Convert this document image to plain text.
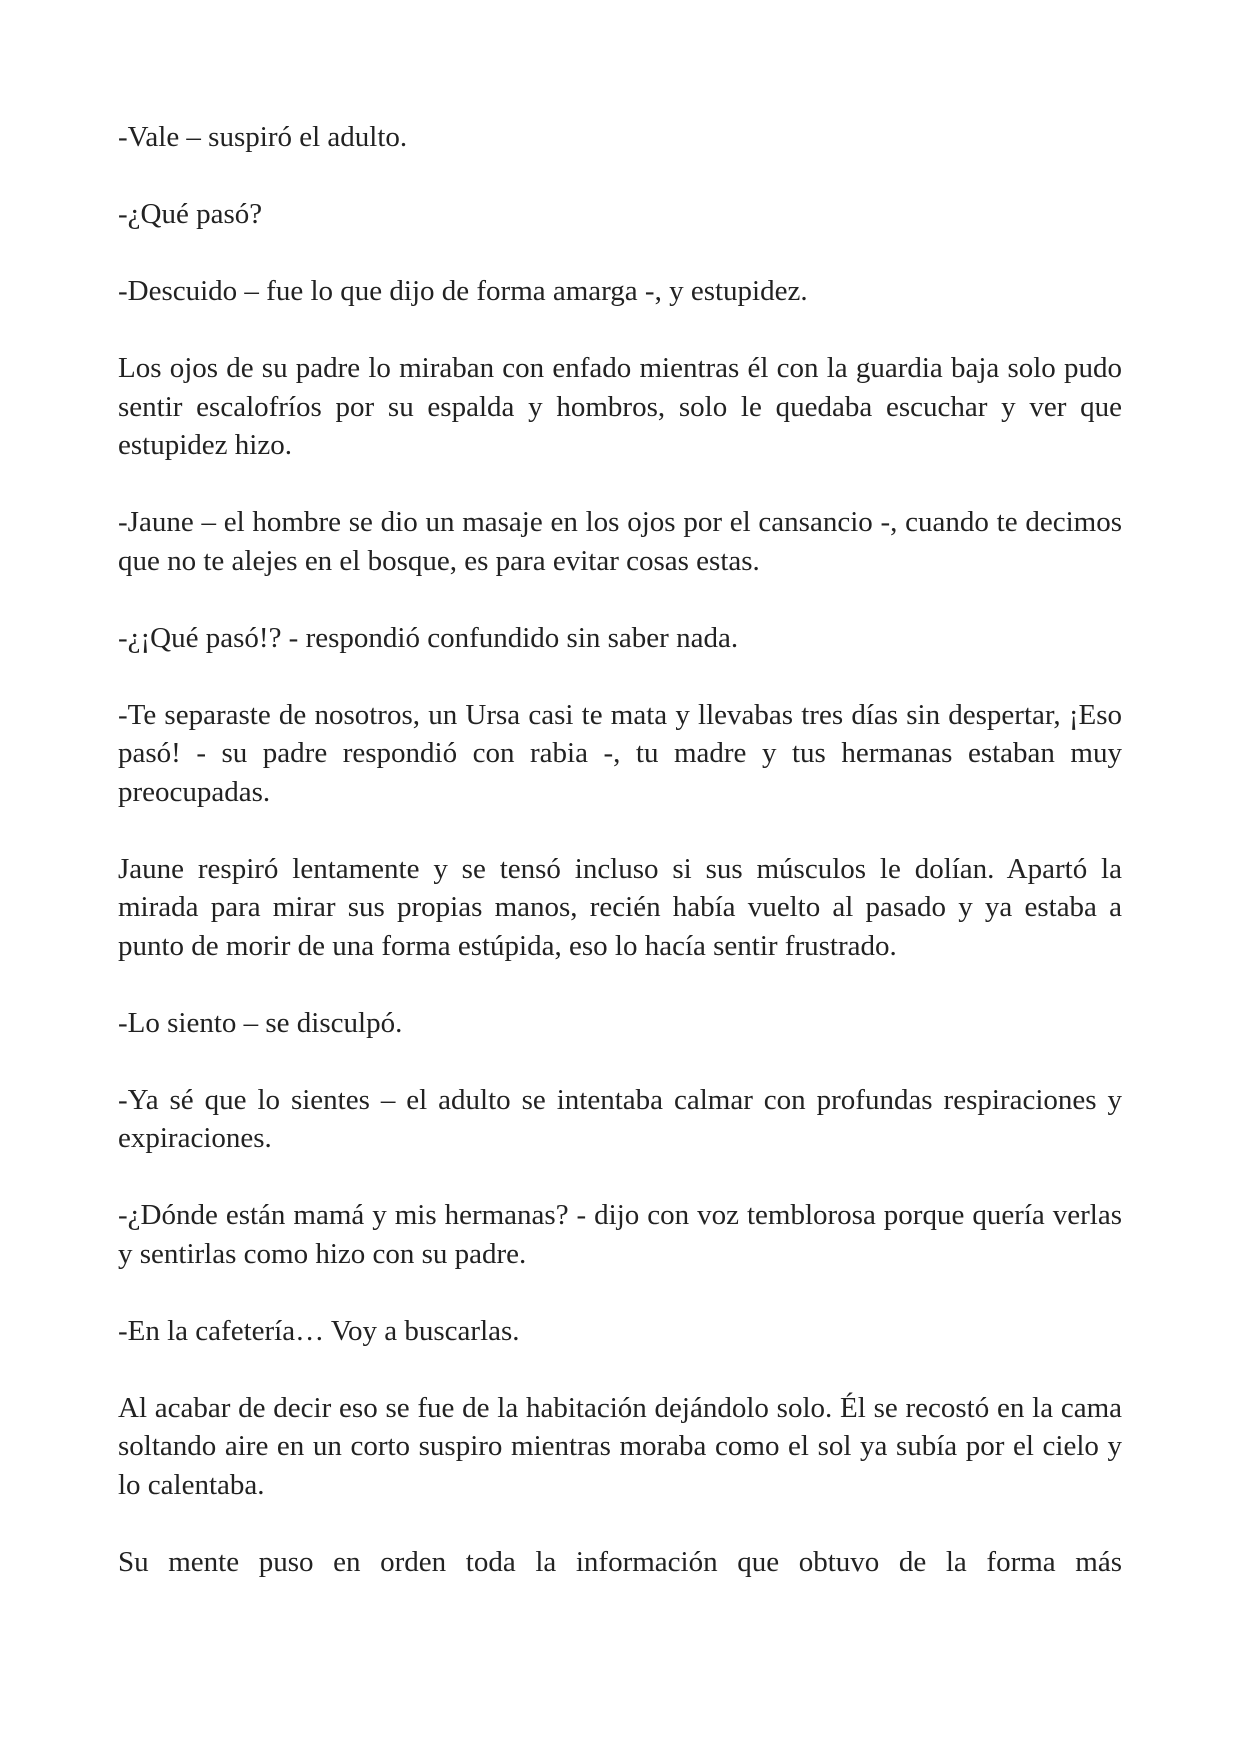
-Vale – suspiró el adulto.

-¿Qué pasó?

-Descuido – fue lo que dijo de forma amarga -, y estupidez.

Los ojos de su padre lo miraban con enfado mientras él con la guardia baja solo pudo sentir escalofríos por su espalda y hombros, solo le quedaba escuchar y ver que estupidez hizo.

-Jaune – el hombre se dio un masaje en los ojos por el cansancio -, cuando te decimos que no te alejes en el bosque, es para evitar cosas estas.

-¿¡Qué pasó!? - respondió confundido sin saber nada.

-Te separaste de nosotros, un Ursa casi te mata y llevabas tres días sin despertar, ¡Eso pasó! - su padre respondió con rabia -, tu madre y tus hermanas estaban muy preocupadas.

Jaune respiró lentamente y se tensó incluso si sus músculos le dolían. Apartó la mirada para mirar sus propias manos, recién había vuelto al pasado y ya estaba a punto de morir de una forma estúpida, eso lo hacía sentir frustrado.

-Lo siento – se disculpó.

-Ya sé que lo sientes – el adulto se intentaba calmar con profundas respiraciones y expiraciones.

-¿Dónde están mamá y mis hermanas? - dijo con voz temblorosa porque quería verlas y sentirlas como hizo con su padre.

-En la cafetería… Voy a buscarlas.

Al acabar de decir eso se fue de la habitación dejándolo solo. Él se recostó en la cama soltando aire en un corto suspiro mientras moraba como el sol ya subía por el cielo y lo calentaba.

Su mente puso en orden toda la información que obtuvo de la forma más
